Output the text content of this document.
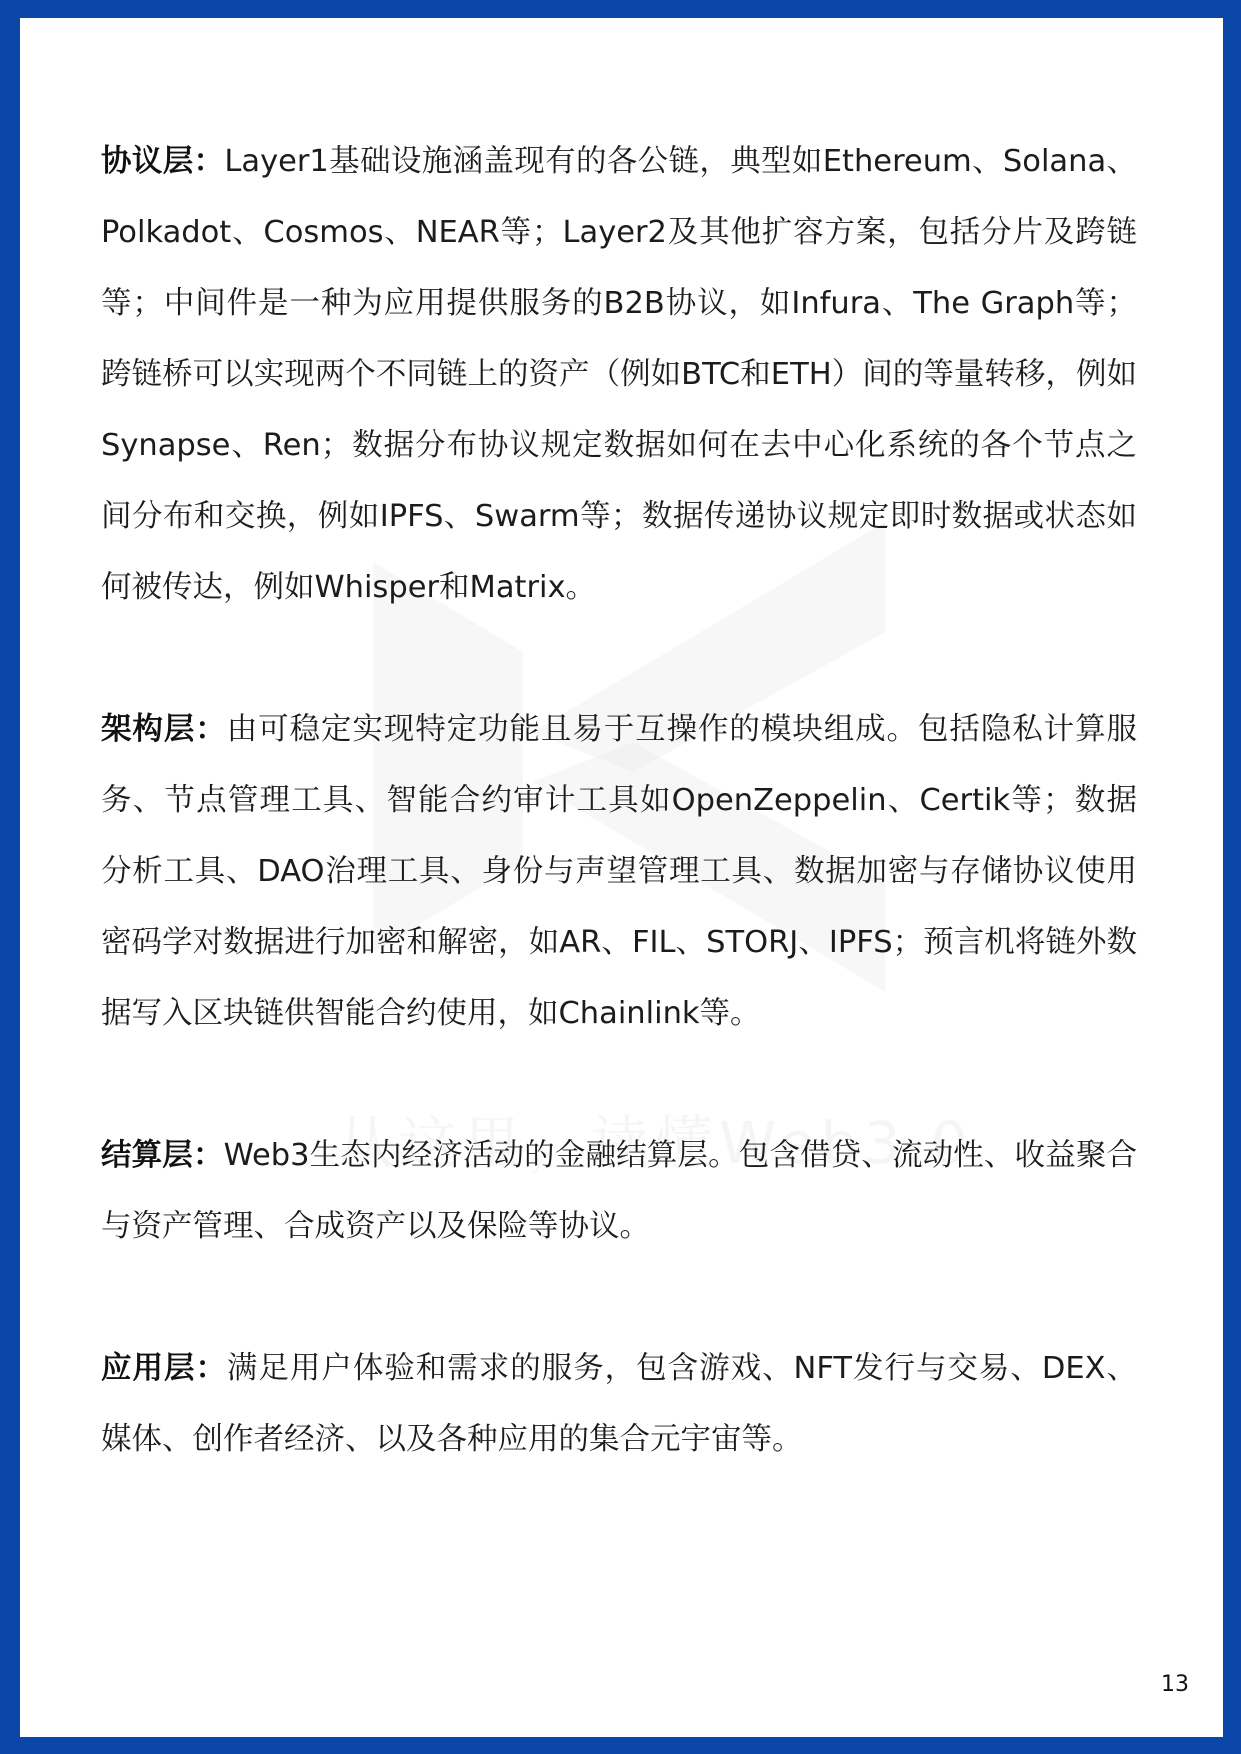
协议层：Layer1基础设施涵盖现有的各公链，典型如Ethereum、Solana、Polkadot、Cosmos、NEAR等；Layer2及其他扩容方案，包括分片及跨链等；中间件是一种为应用提供服务的B2B协议，如Infura、The Graph等；跨链桥可以实现两个不同链上的资产（例如BTC和ETH）间的等量转移，例如Synapse、Ren；数据分布协议规定数据如何在去中心化系统的各个节点之间分布和交换，例如IPFS、Swarm等；数据传递协议规定即时数据或状态如何被传达，例如Whisper和Matrix。

架构层：由可稳定实现特定功能且易于互操作的模块组成。包括隐私计算服务、节点管理工具、智能合约审计工具如OpenZeppelin、Certik等；数据分析工具、DAO治理工具、身份与声望管理工具、数据加密与存储协议使用密码学对数据进行加密和解密，如AR、FIL、STORJ、IPFS；预言机将链外数据写入区块链供智能合约使用，如Chainlink等。

结算层：Web3生态内经济活动的金融结算层。包含借贷、流动性、收益聚合与资产管理、合成资产以及保险等协议。

应用层：满足用户体验和需求的服务，包含游戏、NFT发行与交易、DEX、媒体、创作者经济、以及各种应用的集合元宇宙等。

13
